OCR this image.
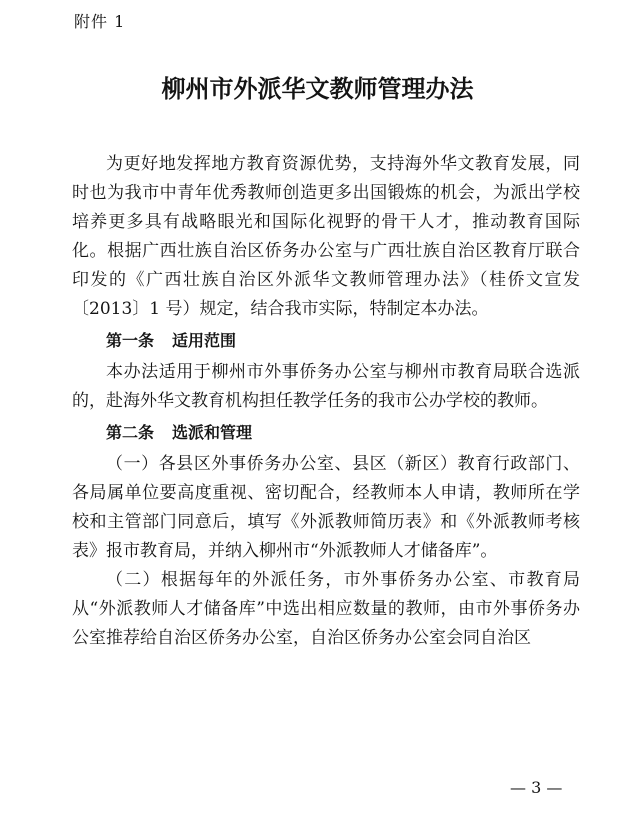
附件 1
柳州市外派华文教师管理办法

为更好地发挥地方教育资源优势，支持海外华文教育发展，同时也为我市中青年优秀教师创造更多出国锻炼的机会，为派出学校培养更多具有战略眼光和国际化视野的骨干人才，推动教育国际化。根据广西壮族自治区侨务办公室与广西壮族自治区教育厅联合印发的《广西壮族自治区外派华文教师管理办法》（桂侨文宣发〔2013〕1 号）规定，结合我市实际，特制定本办法。

第一条 适用范围

本办法适用于柳州市外事侨务办公室与柳州市教育局联合选派的，赴海外华文教育机构担任教学任务的我市公办学校的教师。

第二条 选派和管理

（一）各县区外事侨务办公室、县区（新区）教育行政部门、各局属单位要高度重视、密切配合，经教师本人申请，教师所在学校和主管部门同意后，填写《外派教师简历表》和《外派教师考核表》报市教育局，并纳入柳州市“外派教师人才储备库”。

（二）根据每年的外派任务，市外事侨务办公室、市教育局从“外派教师人才储备库”中选出相应数量的教师，由市外事侨务办公室推荐给自治区侨务办公室，自治区侨务办公室会同自治区

— 3 —
